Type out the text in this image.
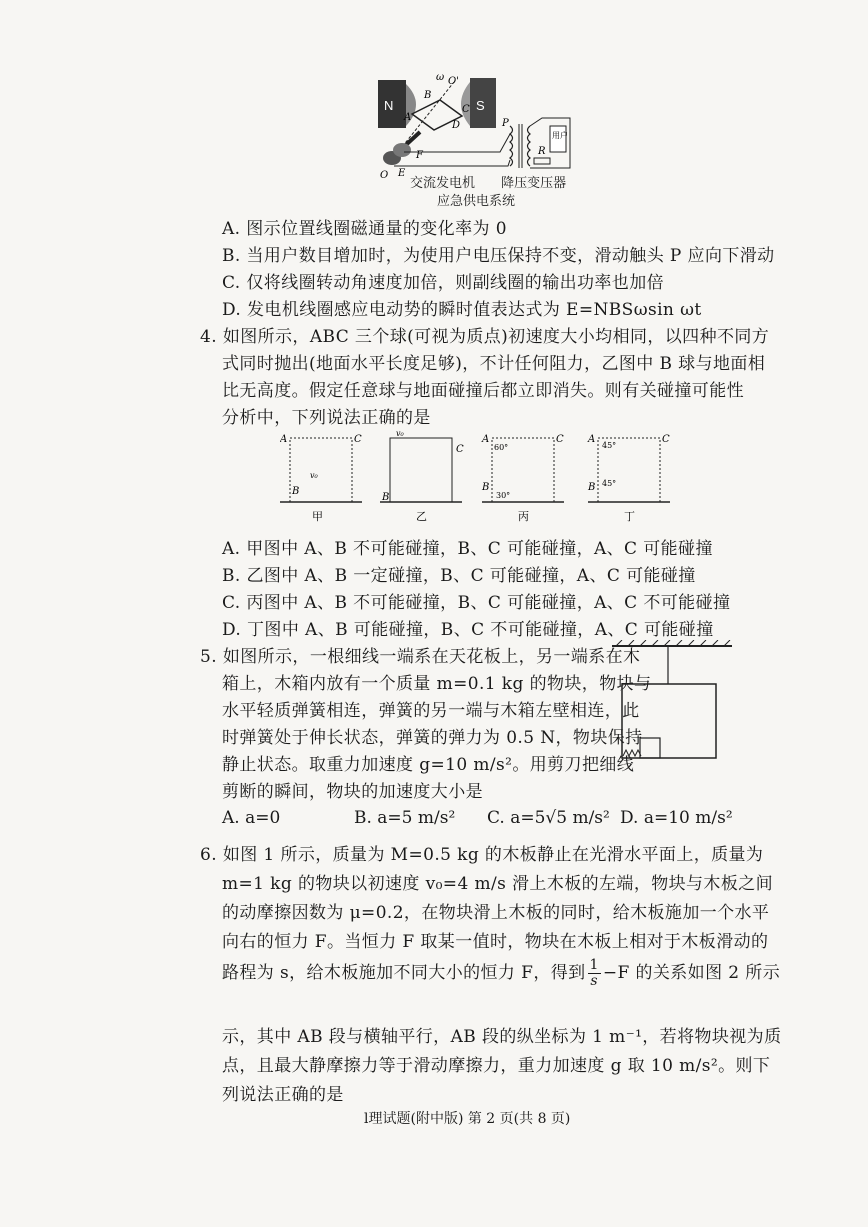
N	S
ω O'
B
C
A
D
用户
P
F	R
O E
交流发电机 降压变压器
应急供电系统
A. 图示位置线圈磁通量的变化率为 0
B. 当用户数目增加时，为使用户电压保持不变，滑动触头 P 应向下滑动
C. 仅将线圈转动角速度加倍，则副线圈的输出功率也加倍
D. 发电机线圈感应电动势的瞬时值表达式为 E=NBSωsin ωt
4. 如图所示，ABC 三个球(可视为质点)初速度大小均相同，以四种不同方
式同时抛出(地面水平长度足够)，不计任何阻力，乙图中 B 球与地面相
比无高度。假定任意球与地面碰撞后都立即消失。则有关碰撞可能性
分析中，下列说法正确的是
A	C
B
v₀
甲
C
B
v₀
乙
A	C
B
60°
30°
丙
A	C
B
45°
45°
丁
A. 甲图中 A、B 不可能碰撞，B、C 可能碰撞，A、C 可能碰撞
B. 乙图中 A、B 一定碰撞，B、C 可能碰撞，A、C 可能碰撞
C. 丙图中 A、B 不可能碰撞，B、C 可能碰撞，A、C 不可能碰撞
D. 丁图中 A、B 可能碰撞，B、C 不可能碰撞，A、C 可能碰撞
5. 如图所示，一根细线一端系在天花板上，另一端系在木
箱上，木箱内放有一个质量 m=0.1 kg 的物块，物块与
水平轻质弹簧相连，弹簧的另一端与木箱左壁相连，此
时弹簧处于伸长状态，弹簧的弹力为 0.5 N，物块保持
静止状态。取重力加速度 g=10 m/s²。用剪刀把细线
剪断的瞬间，物块的加速度大小是
A. a=0	B. a=5 m/s² C. a=5√5 m/s² D. a=10 m/s²
6. 如图 1 所示，质量为 M=0.5 kg 的木板静止在光滑水平面上，质量为
m=1 kg 的物块以初速度 v₀=4 m/s 滑上木板的左端，物块与木板之间
的动摩擦因数为 μ=0.2，在物块滑上木板的同时，给木板施加一个水平
向右的恒力 F。当恒力 F 取某一值时，物块在木板上相对于木板滑动的
路程为 s，给木板施加不同大小的恒力 F，得到 $\frac{1}{s} -F$ 的关系如图 2 所示
示，其中 AB 段与横轴平行，AB 段的纵坐标为 1 m⁻¹，若将物块视为质
点，且最大静摩擦力等于滑动摩擦力，重力加速度 g 取 10 m/s²。则下
列说法正确的是
l理试题(附中版) 第 2 页(共 8 页)
